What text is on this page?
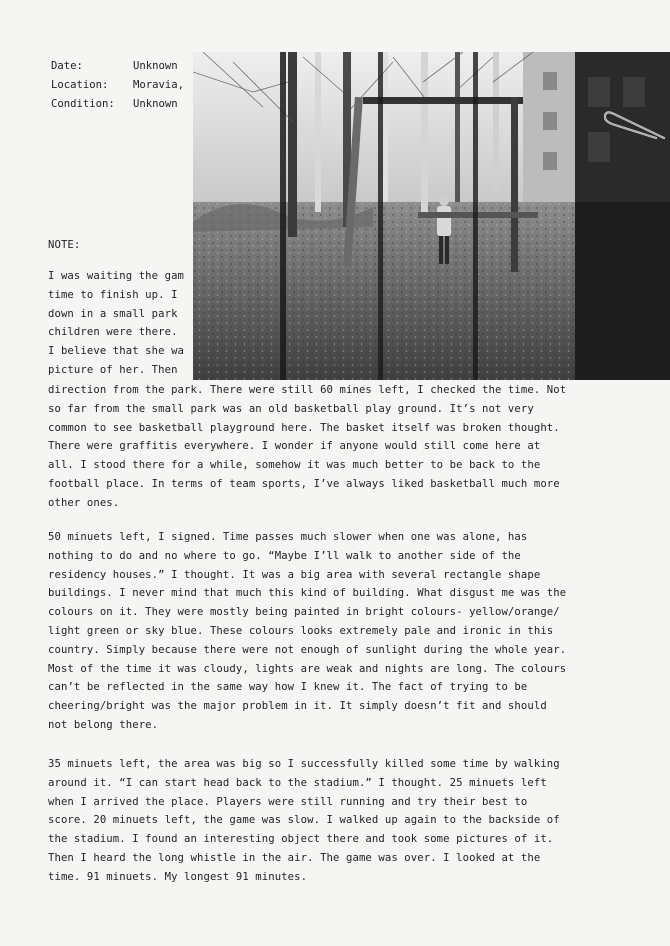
Date:	Unknown
Location: Moravia,
Condition: Unknown
NOTE:
I was waiting the gam
time to finish up. I
down in a small park
children were there.
I believe that she wa
picture of her. Then
direction from the park. There were still 60 mines left, I checked the time. Not
so far from the small park was an old basketball play ground. It’s not very
common to see basketball playground here. The basket itself was broken thought.
There were graffitis everywhere. I wonder if anyone would still come here at
all. I stood there for a while, somehow it was much better to be back to the
football place. In terms of team sports, I’ve always liked basketball much more
other ones.
50 minuets left, I signed. Time passes much slower when one was alone, has
nothing to do and no where to go. “Maybe I’ll walk to another side of the
residency houses.” I thought. It was a big area with several rectangle shape
buildings. I never mind that much this kind of building. What disgust me was the
colours on it. They were mostly being painted in bright colours- yellow/orange/
light green or sky blue. These colours looks extremely pale and ironic in this
country. Simply because there were not enough of sunlight during the whole year.
Most of the time it was cloudy, lights are weak and nights are long. The colours
can’t be reflected in the same way how I knew it. The fact of trying to be
cheering/bright was the major problem in it. It simply doesn’t fit and should
not belong there.
35 minuets left, the area was big so I successfully killed some time by walking
around it. “I can start head back to the stadium.” I thought. 25 minuets left
when I arrived the place. Players were still running and try their best to
score. 20 minuets left, the game was slow. I walked up again to the backside of
the stadium. I found an interesting object there and took some pictures of it.
Then I heard the long whistle in the air. The game was over. I looked at the
time. 91 minuets. My longest 91 minutes.
